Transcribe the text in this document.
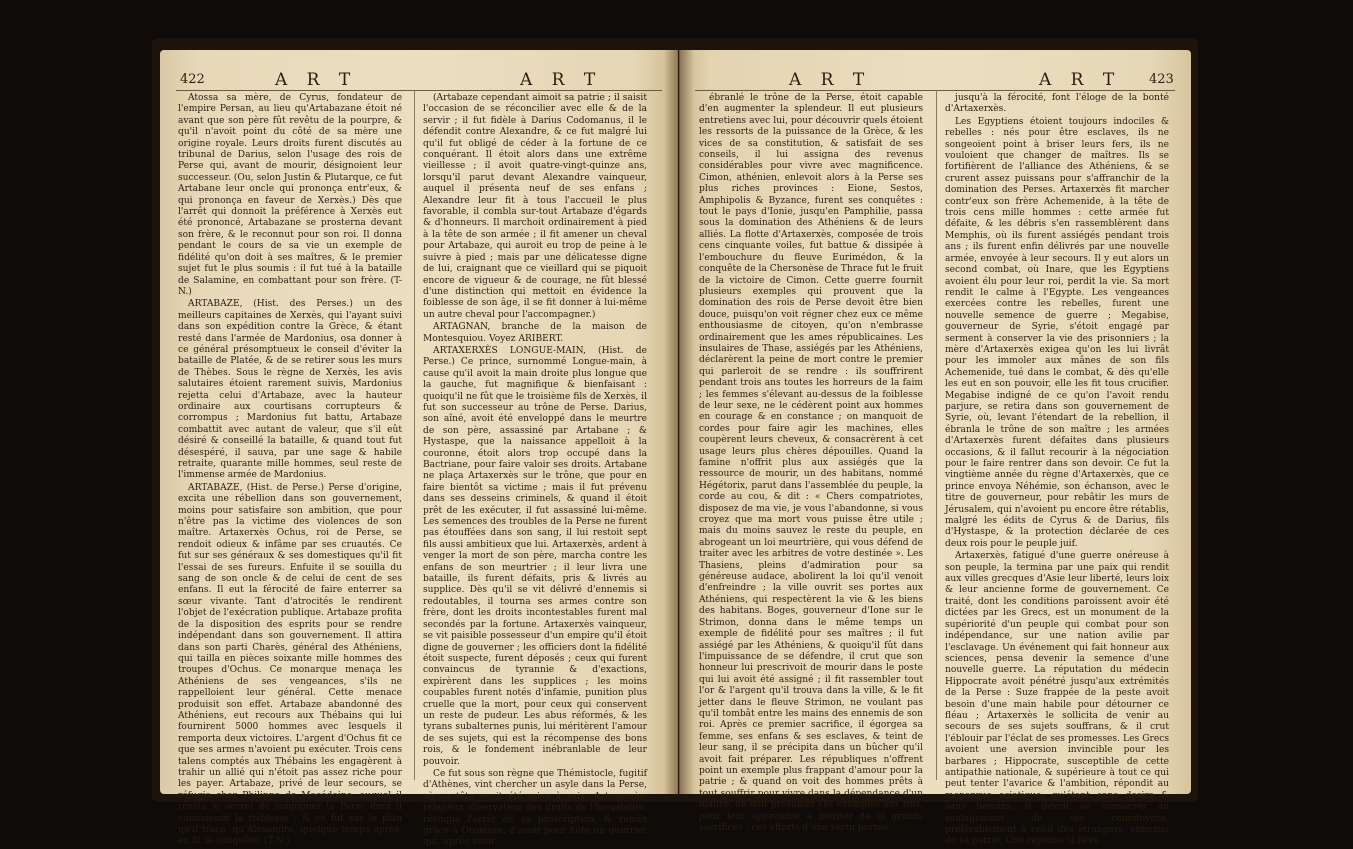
422	A R T	A R T

Atossa sa mère, de Cyrus, fondateur de l'empire Persan, au lieu qu'Artabazane étoit né avant que son père fût revêtu de la pourpre, & qu'il n'avoit point du côté de sa mère une origine royale. Leurs droits furent discutés au tribunal de Darius, selon l'usage des rois de Perse qui, avant de mourir, désignoient leur successeur. (Ou, selon Justin & Plutarque, ce fut Artabane leur oncle qui prononça entr'eux, & qui prononça en faveur de Xerxès.) Dès que l'arrêt qui donnoit la préférence à Xerxès eut été prononcé, Artabazane se prosterna devant son frère, & le reconnut pour son roi. Il donna pendant le cours de sa vie un exemple de fidélité qu'on doit à ses maîtres, & le premier sujet fut le plus soumis : il fut tué à la bataille de Salamine, en combattant pour son frère. (T-N.)

ARTABAZE, (Hist. des Perses.) un des meilleurs capitaines de Xerxès, qui l'ayant suivi dans son expédition contre la Grèce, & étant resté dans l'armée de Mardonius, osa donner à ce général présomptueux le conseil d'éviter la bataille de Platée, & de se retirer sous les murs de Thèbes. Sous le règne de Xerxès, les avis salutaires étoient rarement suivis, Mardonius rejetta celui d'Artabaze, avec la hauteur ordinaire aux courtisans corrupteurs & corrompus ; Mardonius fut battu, Artabaze combattit avec autant de valeur, que s'il eût désiré & conseillé la bataille, & quand tout fut désespéré, il sauva, par une sage & habile retraite, quarante mille hommes, seul reste de l'immense armée de Mardonius.

ARTABAZE, (Hist. de Perse.) Perse d'origine, excita une rébellion dans son gouvernement, moins pour satisfaire son ambition, que pour n'être pas la victime des violences de son maître. Artaxerxès Ochus, roi de Perse, se rendoit odieux & infâme par ses cruautés. Ce fut sur ses généraux & ses domestiques qu'il fit l'essai de ses fureurs. Enfuite il se souilla du sang de son oncle & de celui de cent de ses enfans. Il eut la férocité de faire enterrer sa sœur vivante. Tant d'atrocités le rendirent l'objet de l'exécration publique. Artabaze profita de la disposition des esprits pour se rendre indépendant dans son gouvernement. Il attira dans son parti Charès, général des Athéniens, qui tailla en pièces soixante mille hommes des troupes d'Ochus. Ce monarque menaça les Athéniens de ses vengeances, s'ils ne rappelloient leur général. Cette menace produisit son effet. Artabaze abandonné des Athéniens, eut recours aux Thébains qui lui fournirent 5000 hommes avec lesquels il remporta deux victoires. L'argent d'Ochus fit ce que ses armes n'avoient pu exécuter. Trois cens talens comptés aux Thébains les engagèrent à trahir un allié qui n'étoit pas assez riche pour les payer. Artabaze, privé de leur secours, se réfugia chez Philippe de Macédoine, auquel il révéla le secret de subjuguer la Perse dont il connoissoit la foiblesse ; & ce fut sur le plan qu'il traça, qu'Alexandre, quelque temps après, en fit la conquête. (T-N.)

(Artabaze cependant aimoit sa patrie ; il saisit l'occasion de se réconcilier avec elle & de la servir ; il fut fidèle à Darius Codomanus, il le défendit contre Alexandre, & ce fut malgré lui qu'il fut obligé de céder à la fortune de ce conquérant. Il étoit alors dans une extrême vieillesse ; il avoit quatre-vingt-quinze ans, lorsqu'il parut devant Alexandre vainqueur, auquel il présenta neuf de ses enfans ; Alexandre leur fit à tous l'accueil le plus favorable, il combla sur-tout Artabaze d'égards & d'honneurs. Il marchoit ordinairement à pied à la tête de son armée ; il fit amener un cheval pour Artabaze, qui auroit eu trop de peine à le suivre à pied ; mais par une délicatesse digne de lui, craignant que ce vieillard qui se piquoit encore de vigueur & de courage, ne fût blessé d'une distinction qui mettoit en évidence la foiblesse de son âge, il se fit donner à lui-même un autre cheval pour l'accompagner.)

ARTAGNAN, branche de la maison de Montesquiou. Voyez ARIBERT.

ARTAXERXÈS LONGUE-MAIN, (Hist. de Perse.) Ce prince, surnommé Longue-main, à cause qu'il avoit la main droite plus longue que la gauche, fut magnifique & bienfaisant : quoiqu'il ne fût que le troisième fils de Xerxès, il fut son successeur au trône de Perse. Darius, son aîné, avoit été enveloppé dans le meurtre de son père, assassiné par Artabane ; & Hystaspe, que la naissance appelloit à la couronne, étoit alors trop occupé dans la Bactriane, pour faire valoir ses droits. Artabane ne plaça Artaxerxès sur le trône, que pour en faire bientôt sa victime ; mais il fut prévenu dans ses desseins criminels, & quand il étoit prêt de les exécuter, il fut assassiné lui-même. Les semences des troubles de la Perse ne furent pas étouffées dans son sang, il lui restoit sept fils aussi ambitieux que lui. Artaxerxès, ardent à venger la mort de son père, marcha contre les enfans de son meurtrier ; il leur livra une bataille, ils furent défaits, pris & livrés au supplice. Dès qu'il se vit délivré d'ennemis si redoutables, il tourna ses armes contre son frère, dont les droits incontestables furent mal secondés par la fortune. Artaxerxès vainqueur, se vit paisible possesseur d'un empire qu'il étoit digne de gouverner ; les officiers dont la fidélité étoit suspecte, furent déposés ; ceux qui furent convaincus de tyrannie & d'exactions, expirèrent dans les supplices ; les moins coupables furent notés d'infamie, punition plus cruelle que la mort, pour ceux qui conservent un reste de pudeur. Les abus réformés, & les tyrans subalternes punis, lui méritèrent l'amour de ses sujets, qui est la récompense des bons rois, & le fondement inébranlable de leur pouvoir.

Ce fut sous son règne que Thémistocle, fugitif d'Athènes, vint chercher un asyle dans la Perse, où sa tête avoit été mise à prix. Artaxerxès, religieux observateur des droits de l'hospitalité, révoqua l'arrêt de sa proscription, & rendit grâce à Oromaze, d'avoir pour hôte un guerrier qui, après avoir

A R T	A R T 423

ébranlé le trône de la Perse, étoit capable d'en augmenter la splendeur. Il eut plusieurs entretiens avec lui, pour découvrir quels étoient les ressorts de la puissance de la Grèce, & les vices de sa constitution, & satisfait de ses conseils, il lui assigna des revenus considérables pour vivre avec magnificence. Cimon, athénien, enlevoit alors à la Perse ses plus riches provinces : Eione, Sestos, Amphipolis & Byzance, furent ses conquêtes : tout le pays d'Ionie, jusqu'en Pamphilie, passa sous la domination des Athéniens & de leurs alliés. La flotte d'Artaxerxès, composée de trois cens cinquante voiles, fut battue & dissipée à l'embouchure du fleuve Eurimédon, & la conquête de la Chersonèse de Thrace fut le fruit de la victoire de Cimon. Cette guerre fournit plusieurs exemples qui prouvent que la domination des rois de Perse devoit être bien douce, puisqu'on voit régner chez eux ce même enthousiasme de citoyen, qu'on n'embrasse ordinairement que les ames républicaines. Les insulaires de Thase, assiégés par les Athéniens, déclarèrent la peine de mort contre le premier qui parleroit de se rendre : ils souffrirent pendant trois ans toutes les horreurs de la faim ; les femmes s'élevant au-dessus de la foiblesse de leur sexe, ne le cédèrent point aux hommes en courage & en constance ; on manquoit de cordes pour faire agir les machines, elles coupèrent leurs cheveux, & consacrèrent à cet usage leurs plus chères dépouilles. Quand la famine n'offrit plus aux assiégés que la ressource de mourir, un des habitans, nommé Hégétorix, parut dans l'assemblée du peuple, la corde au cou, & dit : « Chers compatriotes, disposez de ma vie, je vous l'abandonne, si vous croyez que ma mort vous puisse être utile ; mais du moins sauvez le reste du peuple, en abrogeant un loi meurtrière, qui vous défend de traiter avec les arbitres de votre destinée ». Les Thasiens, pleins d'admiration pour sa généreuse audace, abolirent la loi qu'il venoit d'enfreindre ; la ville ouvrit ses portes aux Athéniens, qui respectèrent la vie & les biens des habitans. Boges, gouverneur d'Ione sur le Strimon, donna dans le même temps un exemple de fidélité pour ses maîtres ; il fut assiégé par les Athéniens, & quoiqu'il fût dans l'impuissance de se défendre, il crut que son honneur lui prescrivoit de mourir dans le poste qui lui avoit été assigné ; il fit rassembler tout l'or & l'argent qu'il trouva dans la ville, & le fit jetter dans le fleuve Strimon, ne voulant pas qu'il tombât entre les mains des ennemis de son roi. Après ce premier sacrifice, il égorgea sa femme, ses enfans & ses esclaves, & teint de leur sang, il se précipita dans un bûcher qu'il avoit fait préparer. Les républiques n'offrent point un exemple plus frappant d'amour pour la patrie ; & quand on voit des hommes prêts à tout souffrir pour vivre dans la dépendance d'un maître, on doit présumer ces exemples aux rois, pour leur apprendre à mériter de si grands sacrifices : ces efforts d'une vertu portée

jusqu'à la férocité, font l'éloge de la bonté d'Artaxerxès.

Les Egyptiens étoient toujours indociles & rebelles : nés pour être esclaves, ils ne songeoient point à briser leurs fers, ils ne vouloient que changer de maîtres. Ils se fortifièrent de l'alliance des Athéniens, & se crurent assez puissans pour s'affranchir de la domination des Perses. Artaxerxès fit marcher contr'eux son frère Achemenide, à la tête de trois cens mille hommes : cette armée fut défaite, & les débris s'en rassemblèrent dans Memphis, où ils furent assiégés pendant trois ans ; ils furent enfin délivrés par une nouvelle armée, envoyée à leur secours. Il y eut alors un second combat, où Inare, que les Egyptiens avoient élu pour leur roi, perdit la vie. Sa mort rendit le calme à l'Egypte. Les vengeances exercées contre les rebelles, furent une nouvelle semence de guerre ; Megabise, gouverneur de Syrie, s'étoit engagé par serment à conserver la vie des prisonniers ; la mère d'Artaxerxès exigea qu'on les lui livrât pour les immoler aux mânes de son fils Achemenide, tué dans le combat, & dès qu'elle les eut en son pouvoir, elle les fit tous crucifier. Megabise indigné de ce qu'on l'avoit rendu parjure, se retira dans son gouvernement de Syrie, où, levant l'étendart de la rebellion, il ébranla le trône de son maître ; les armées d'Artaxerxès furent défaites dans plusieurs occasions, & il fallut recourir à la négociation pour le faire rentrer dans son devoir. Ce fut la vingtième année du règne d'Artaxerxès, que ce prince envoya Néhémie, son échanson, avec le titre de gouverneur, pour rebâtir les murs de Jérusalem, qui n'avoient pu encore être rétablis, malgré les édits de Cyrus & de Darius, fils d'Hystaspe, & la protection déclarée de ces deux rois pour le peuple juif.

Artaxerxès, fatigué d'une guerre onéreuse à son peuple, la termina par une paix qui rendit aux villes grecques d'Asie leur liberté, leurs loix & leur ancienne forme de gouvernement. Ce traité, dont les conditions paroissent avoir été dictées par les Grecs, est un monument de la supériorité d'un peuple qui combat pour son indépendance, sur une nation avilie par l'esclavage. Un événement qui fait honneur aux sciences, pensa devenir la semence d'une nouvelle guerre. La réputation du médecin Hippocrate avoit pénétré jusqu'aux extrémités de la Perse : Suze frappée de la peste avoit besoin d'une main habile pour détourner ce fléau ; Artaxerxès le sollicita de venir au secours de ses sujets souffrans, & il crut l'éblouir par l'éclat de ses promesses. Les Grecs avoient une aversion invincible pour les barbares ; Hippocrate, susceptible de cette antipathie nationale, & supérieure à tout ce qui peut tenter l'avarice & l'ambition, répondit au monarque asiatique, qu'étant sans desirs & sans besoins, il devoit se consacrer au soulagement de ses concitoyens, préférablement à celui des étrangers, ennemis de sa patrie. Une réponse si fière
